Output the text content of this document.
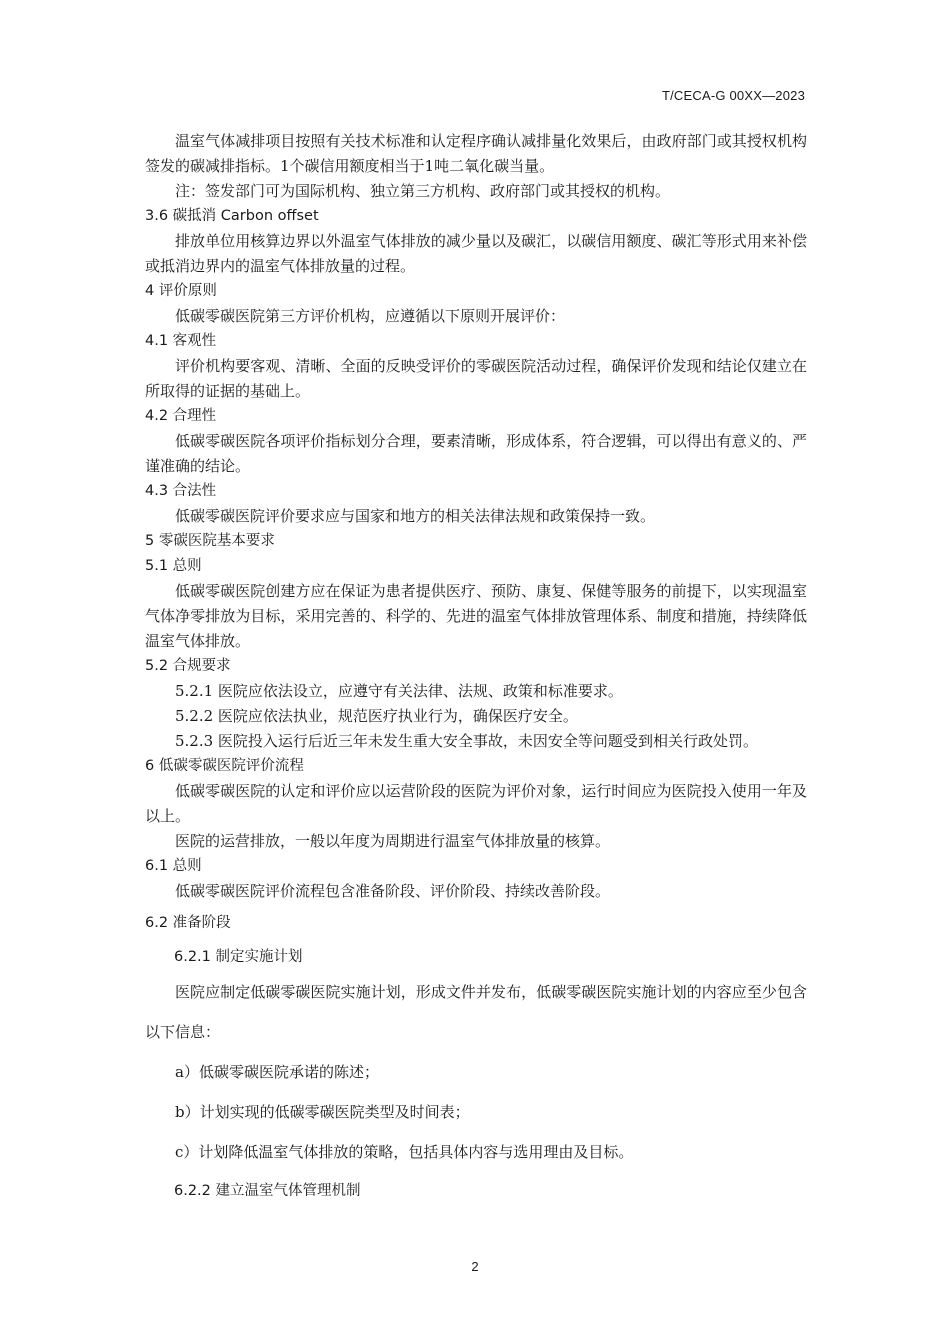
T/CECA-G 00XX—2023

温室气体减排项目按照有关技术标准和认定程序确认减排量化效果后，由政府部门或其授权机构签发的碳减排指标。1个碳信用额度相当于1吨二氧化碳当量。

注：签发部门可为国际机构、独立第三方机构、政府部门或其授权的机构。

3.6 碳抵消 Carbon offset

排放单位用核算边界以外温室气体排放的减少量以及碳汇，以碳信用额度、碳汇等形式用来补偿或抵消边界内的温室气体排放量的过程。

4 评价原则

低碳零碳医院第三方评价机构，应遵循以下原则开展评价：

4.1 客观性

评价机构要客观、清晰、全面的反映受评价的零碳医院活动过程，确保评价发现和结论仅建立在所取得的证据的基础上。

4.2 合理性

低碳零碳医院各项评价指标划分合理，要素清晰，形成体系，符合逻辑，可以得出有意义的、严谨准确的结论。

4.3 合法性

低碳零碳医院评价要求应与国家和地方的相关法律法规和政策保持一致。

5 零碳医院基本要求

5.1 总则

低碳零碳医院创建方应在保证为患者提供医疗、预防、康复、保健等服务的前提下，以实现温室气体净零排放为目标，采用完善的、科学的、先进的温室气体排放管理体系、制度和措施，持续降低温室气体排放。

5.2 合规要求

5.2.1 医院应依法设立，应遵守有关法律、法规、政策和标准要求。

5.2.2 医院应依法执业，规范医疗执业行为，确保医疗安全。

5.2.3 医院投入运行后近三年未发生重大安全事故，未因安全等问题受到相关行政处罚。

6 低碳零碳医院评价流程

低碳零碳医院的认定和评价应以运营阶段的医院为评价对象，运行时间应为医院投入使用一年及以上。

医院的运营排放，一般以年度为周期进行温室气体排放量的核算。

6.1 总则

低碳零碳医院评价流程包含准备阶段、评价阶段、持续改善阶段。

6.2 准备阶段

6.2.1 制定实施计划

医院应制定低碳零碳医院实施计划，形成文件并发布，低碳零碳医院实施计划的内容应至少包含以下信息：

a）低碳零碳医院承诺的陈述；

b）计划实现的低碳零碳医院类型及时间表；

c）计划降低温室气体排放的策略，包括具体内容与选用理由及目标。

6.2.2 建立温室气体管理机制

2
